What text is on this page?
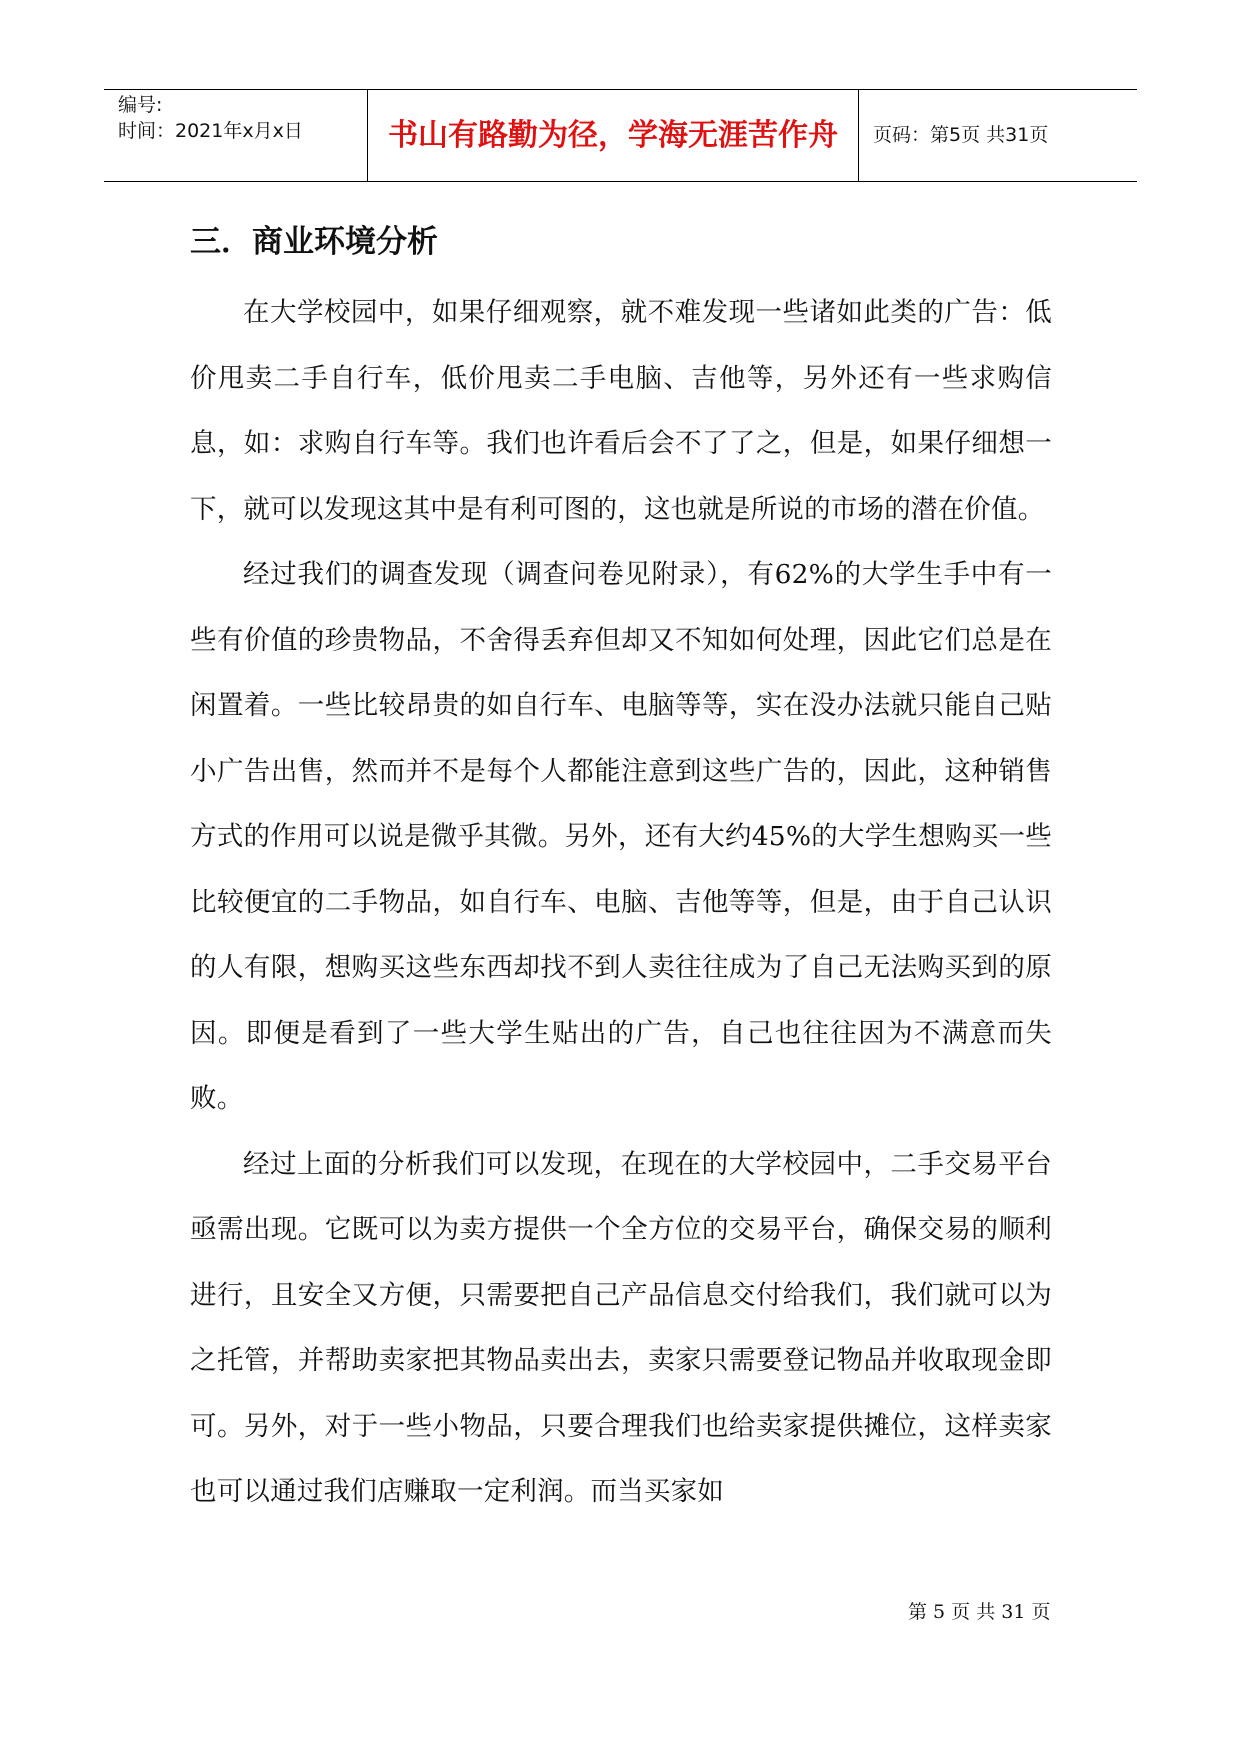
编号:
时间：2021年x月x日	书山有路勤为径，学海无涯苦作舟	页码：第5页 共31页
三．商业环境分析

在大学校园中，如果仔细观察，就不难发现一些诸如此类的广告：低价甩卖二手自行车，低价甩卖二手电脑、吉他等，另外还有一些求购信息，如：求购自行车等。我们也许看后会不了了之，但是，如果仔细想一下，就可以发现这其中是有利可图的，这也就是所说的市场的潜在价值。

经过我们的调查发现（调查问卷见附录），有62%的大学生手中有一些有价值的珍贵物品，不舍得丢弃但却又不知如何处理，因此它们总是在闲置着。一些比较昂贵的如自行车、电脑等等，实在没办法就只能自己贴小广告出售，然而并不是每个人都能注意到这些广告的，因此，这种销售方式的作用可以说是微乎其微。另外，还有大约45%的大学生想购买一些比较便宜的二手物品，如自行车、电脑、吉他等等，但是，由于自己认识的人有限，想购买这些东西却找不到人卖往往成为了自己无法购买到的原因。即便是看到了一些大学生贴出的广告，自己也往往因为不满意而失败。

经过上面的分析我们可以发现，在现在的大学校园中，二手交易平台亟需出现。它既可以为卖方提供一个全方位的交易平台，确保交易的顺利进行，且安全又方便，只需要把自己产品信息交付给我们，我们就可以为之托管，并帮助卖家把其物品卖出去，卖家只需要登记物品并收取现金即可。另外，对于一些小物品，只要合理我们也给卖家提供摊位，这样卖家也可以通过我们店赚取一定利润。而当买家如

第 5 页 共 31 页
